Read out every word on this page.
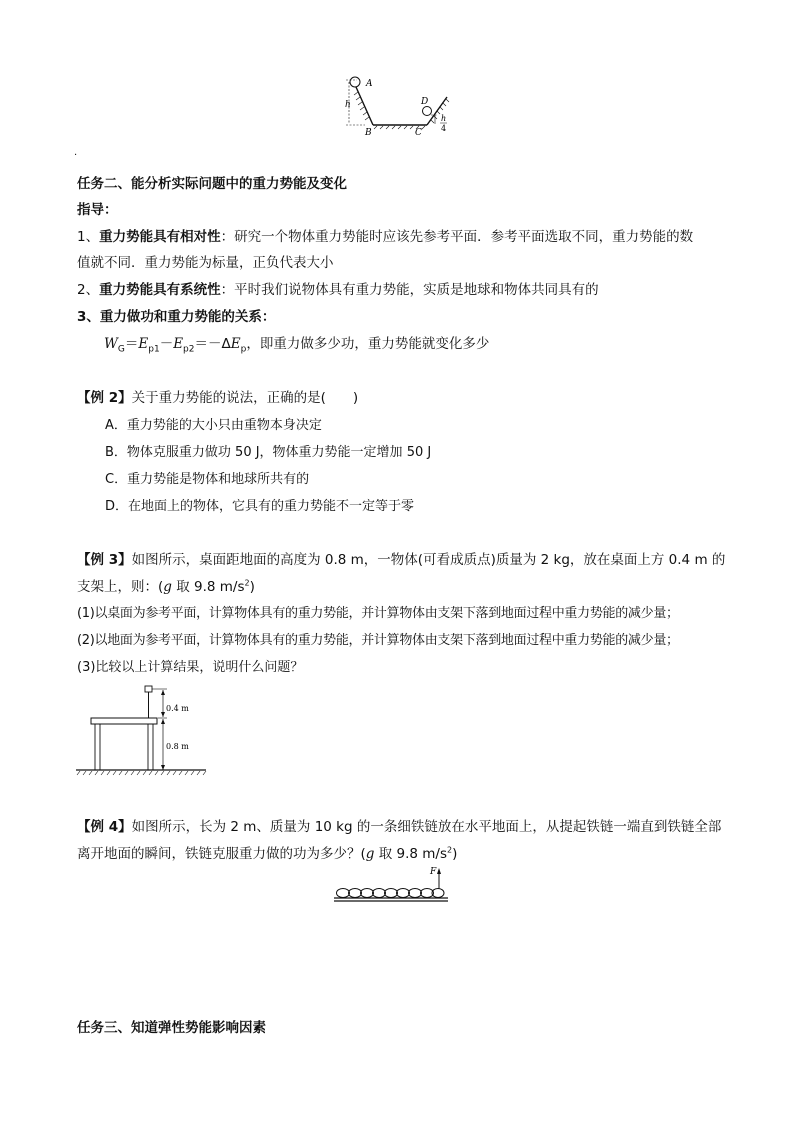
A
h
B	C
D
h
4
.
任务二、能分析实际问题中的重力势能及变化
指导：
1、重力势能具有相对性：研究一个物体重力势能时应该先参考平面．参考平面选取不同，重力势能的数
值就不同．重力势能为标量，正负代表大小
2、重力势能具有系统性：平时我们说物体具有重力势能，实质是地球和物体共同具有的
3、重力做功和重力势能的关系：
$W_G=E_{p1}-E_{p2}=-\Delta E_p$，即重力做多少功，重力势能就变化多少
【例 2】关于重力势能的说法，正确的是(　　)
A．重力势能的大小只由重物本身决定
B．物体克服重力做功 50 J，物体重力势能一定增加 50 J
C．重力势能是物体和地球所共有的
D．在地面上的物体，它具有的重力势能不一定等于零
【例 3】如图所示，桌面距地面的高度为 0.8 m，一物体(可看成质点)质量为 2 kg，放在桌面上方 0.4 m 的
支架上，则：(g 取 9.8 $m/s^2$)
(1)以桌面为参考平面，计算物体具有的重力势能，并计算物体由支架下落到地面过程中重力势能的减少量；
(2)以地面为参考平面，计算物体具有的重力势能，并计算物体由支架下落到地面过程中重力势能的减少量；
(3)比较以上计算结果，说明什么问题？
0.4 m
0.8 m
【例 4】如图所示，长为 2 m、质量为 10 kg 的一条细铁链放在水平地面上，从提起铁链一端直到铁链全部
离开地面的瞬间，铁链克服重力做的功为多少？(g 取 9.8 $m/s^2$)
F
任务三、知道弹性势能影响因素
